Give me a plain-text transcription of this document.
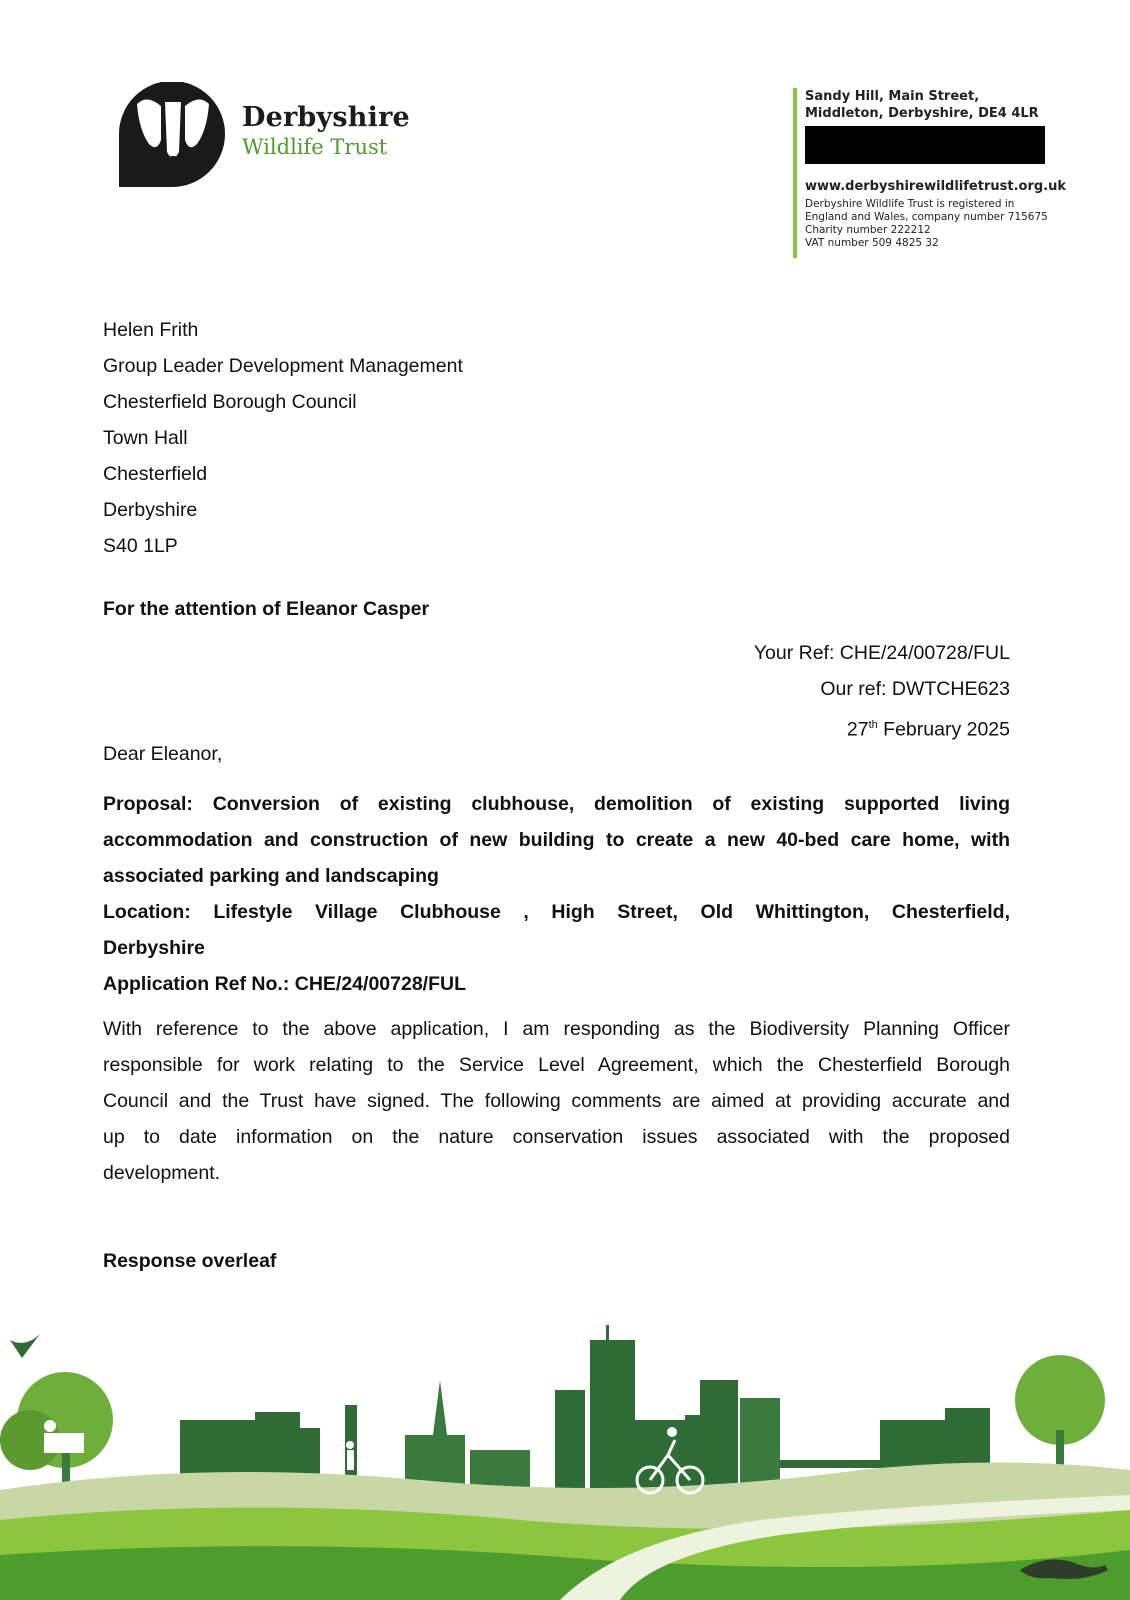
Derbyshire
Wildlife Trust
Sandy Hill, Main Street,
Middleton, Derbyshire, DE4 4LR
www.derbyshirewildlifetrust.org.uk
Derbyshire Wildlife Trust is registered in
England and Wales, company number 715675
Charity number 222212
VAT number 509 4825 32
Helen Frith
Group Leader Development Management
Chesterfield Borough Council
Town Hall
Chesterfield
Derbyshire
S40 1LP
For the attention of Eleanor Casper
Your Ref: CHE/24/00728/FUL
Our ref: DWTCHE623
27th February 2025
Dear Eleanor,
Proposal: Conversion of existing clubhouse, demolition of existing supported living
accommodation and construction of new building to create a new 40-bed care home, with
associated parking and landscaping
Location: Lifestyle Village Clubhouse , High Street, Old Whittington, Chesterfield,
Derbyshire
Application Ref No.: CHE/24/00728/FUL
With reference to the above application, I am responding as the Biodiversity Planning Officer
responsible for work relating to the Service Level Agreement, which the Chesterfield Borough
Council and the Trust have signed. The following comments are aimed at providing accurate and
up to date information on the nature conservation issues associated with the proposed
development.
Response overleaf
